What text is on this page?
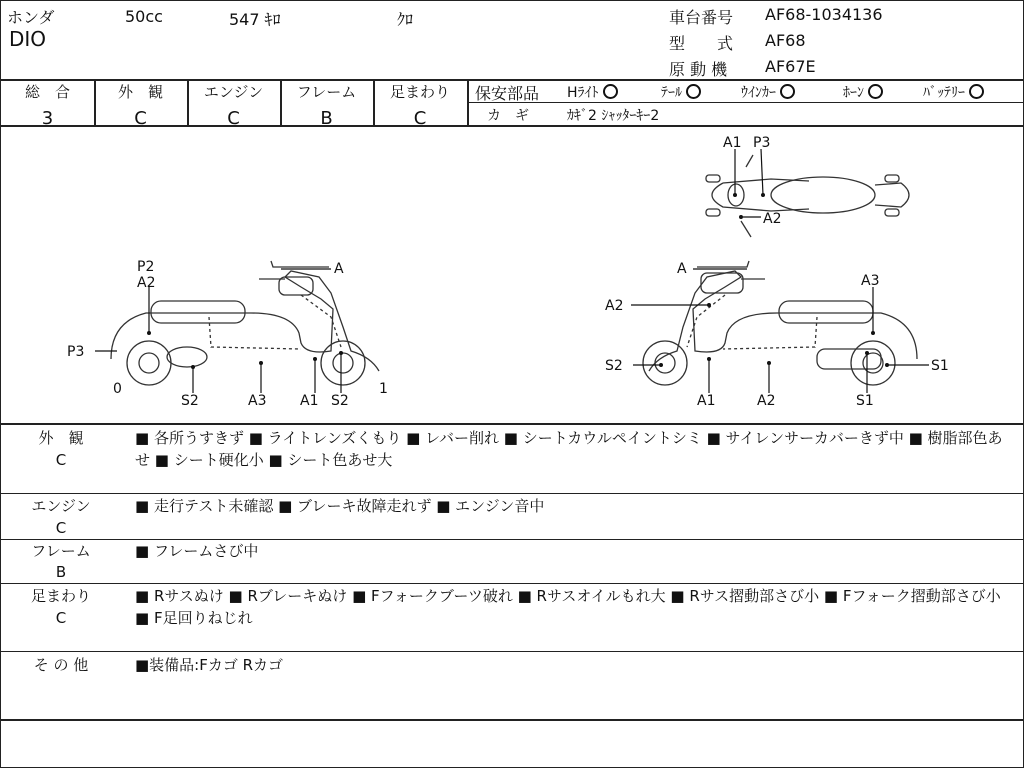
ホンダ	50cc	547 ｷﾛ	ｸﾛ
DIO
車台番号 AF68-1034136
型　　式 AF68
原 動 機 AF67E
総　合
3
外　観
C
エンジン
C
フレーム
B
足まわり
C
保安部品 Hﾗｲﾄ	ﾃｰﾙ	ｳｲﾝｶｰ	ﾎｰﾝ	ﾊﾞｯﾃﾘｰ
カ　ギ	ｶｷﾞ2 ｼｬｯﾀｰｷｰ2
A1 P3
A2
P2
A2
A
P3
0
S2	A3 A1 S2
1
A
A3
A2
S2	S1
A1	A2	S1
外　観
C
■ 各所うすきず ■ ライトレンズくもり ■ レバー削れ ■ シートカウルペイントシミ ■ サイレンサーカバーきず中 ■ 樹脂部色あせ ■ シート硬化小 ■ シート色あせ大
エンジン
C
■ 走行テスト未確認 ■ ブレーキ故障走れず ■ エンジン音中
フレーム
B
■ フレームさび中
足まわり
C
■ Rサスぬけ ■ Rブレーキぬけ ■ Fフォークブーツ破れ ■ Rサスオイルもれ大 ■ Rサス摺動部さび小 ■ Fフォーク摺動部さび小 ■ F足回りねじれ
そ の 他	■装備品:Fカゴ Rカゴ
